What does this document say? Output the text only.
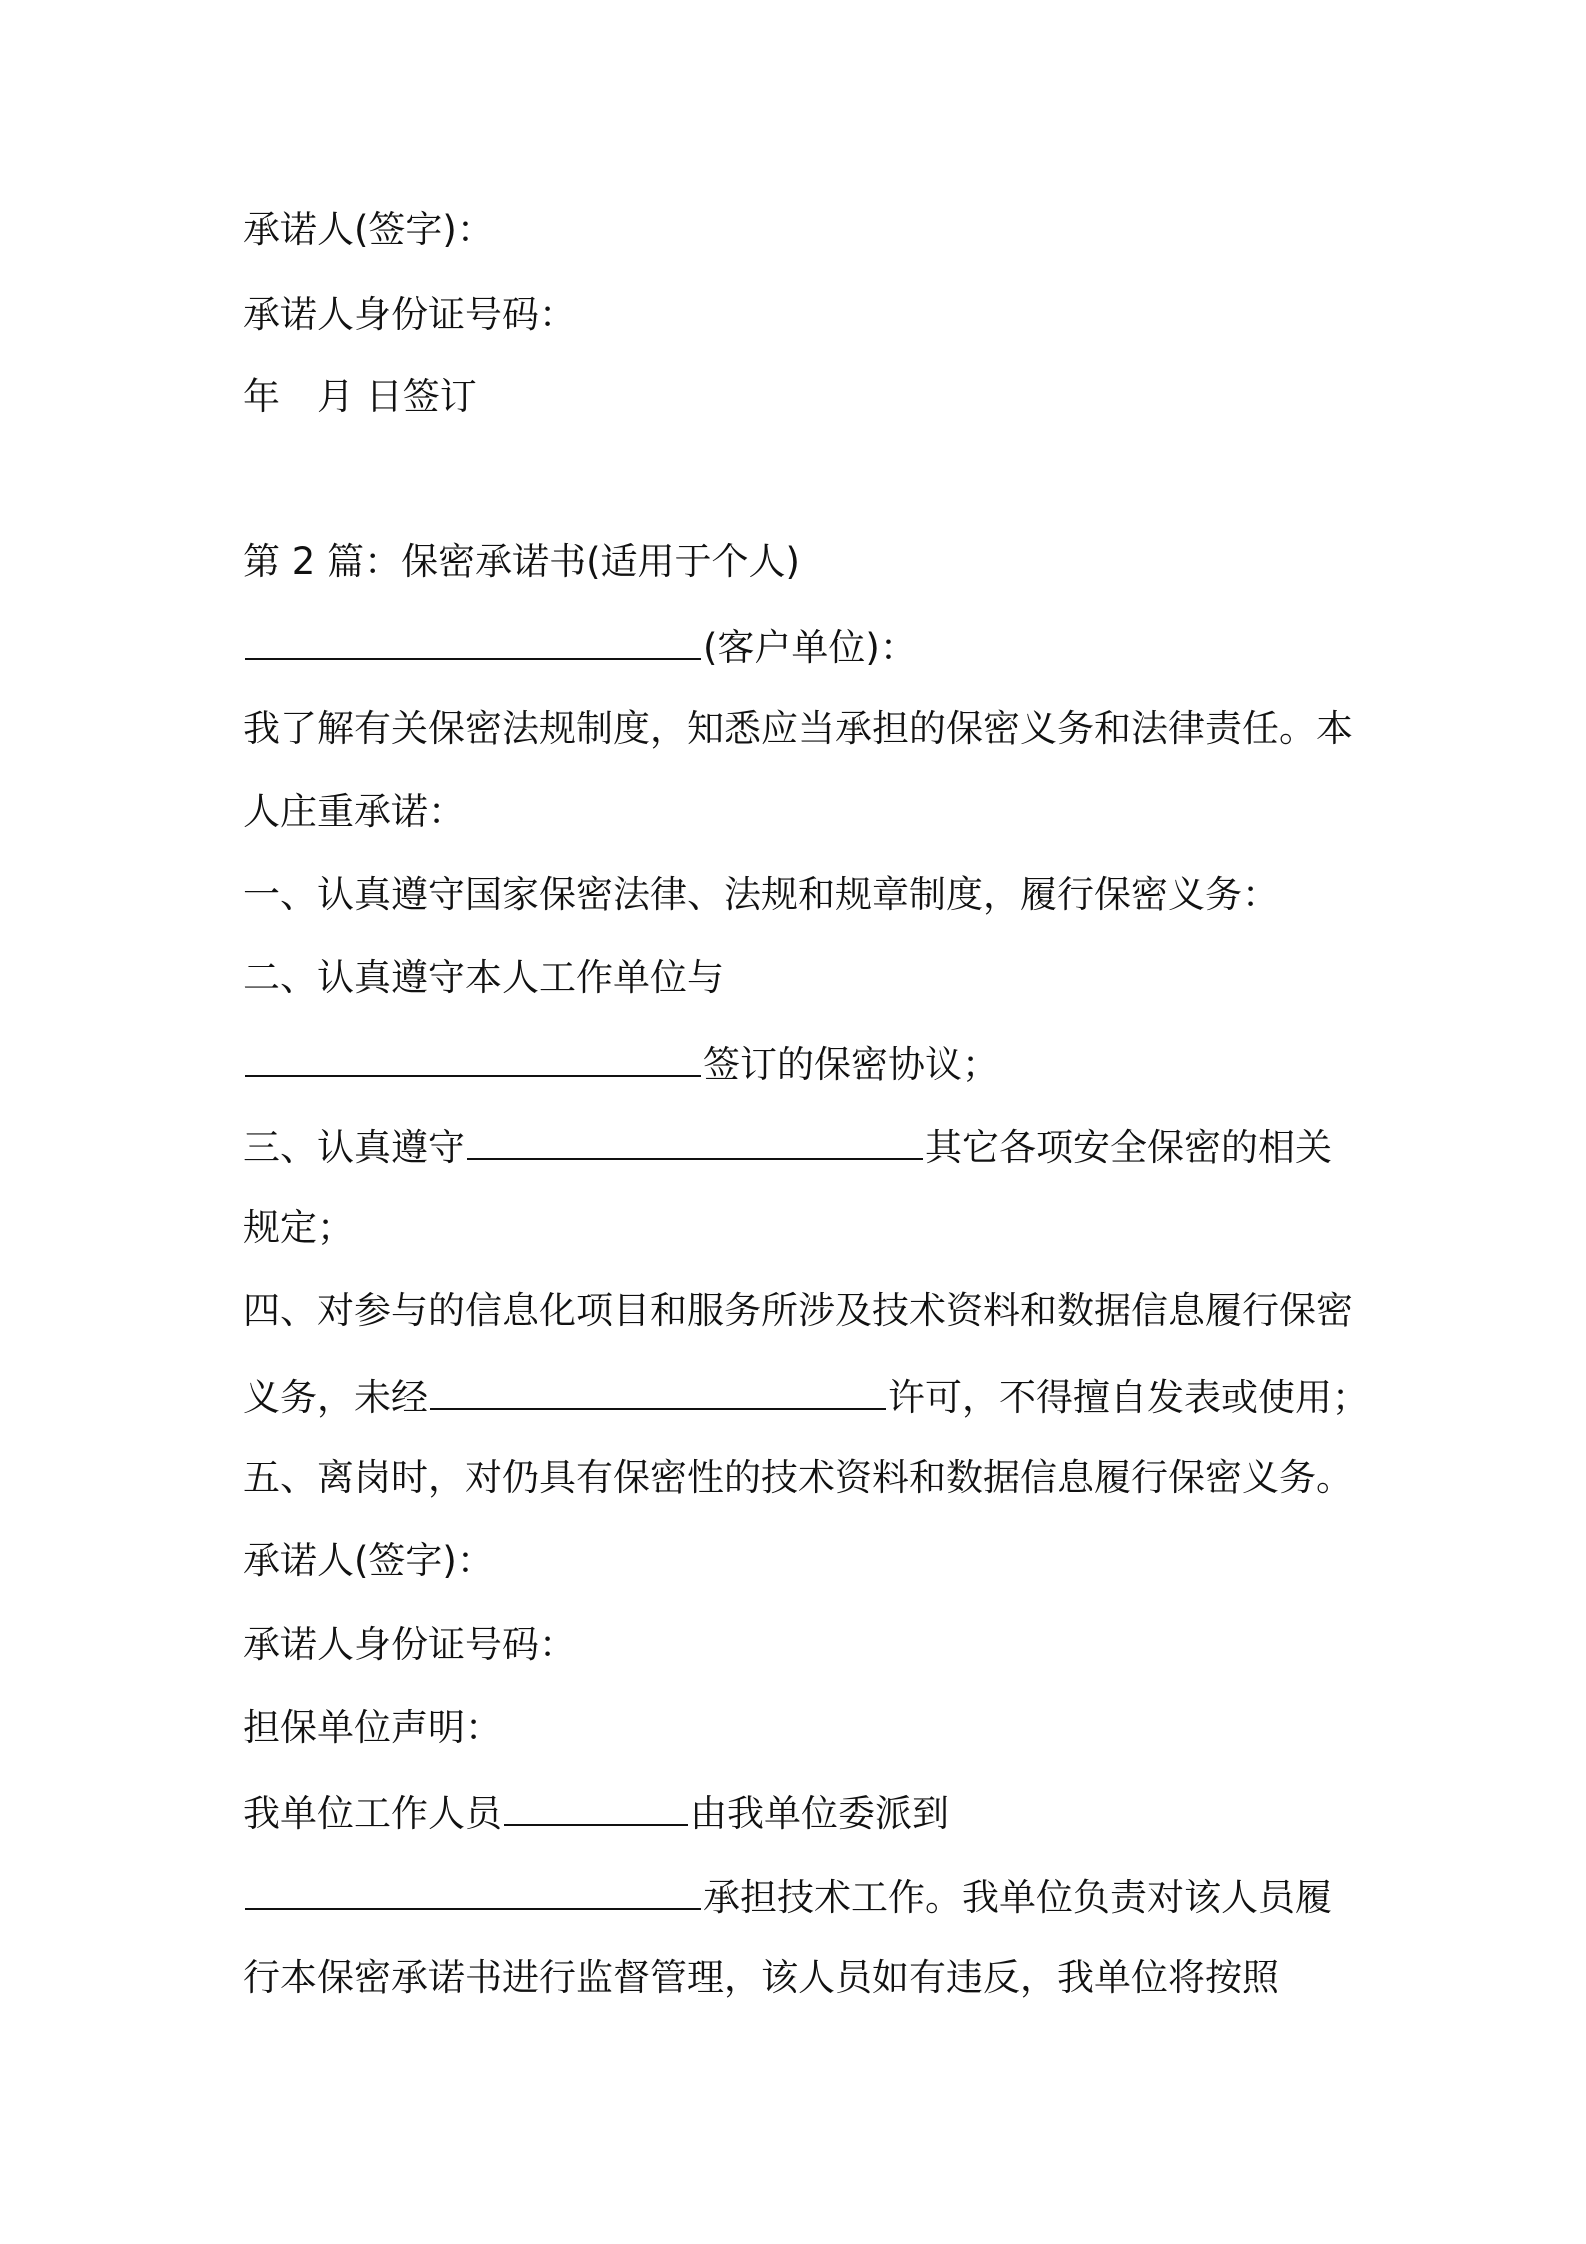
承诺人(签字)：
承诺人身份证号码：
年　月 日签订
第 2 篇：保密承诺书(适用于个人)
(客户单位)：
我了解有关保密法规制度，知悉应当承担的保密义务和法律责任。本
人庄重承诺：
一、认真遵守国家保密法律、法规和规章制度，履行保密义务：
二、认真遵守本人工作单位与
签订的保密协议；
三、认真遵守	其它各项安全保密的相关
规定；
四、对参与的信息化项目和服务所涉及技术资料和数据信息履行保密
义务，未经	许可，不得擅自发表或使用；
五、离岗时，对仍具有保密性的技术资料和数据信息履行保密义务。
承诺人(签字)：
承诺人身份证号码：
担保单位声明：
我单位工作人员	由我单位委派到
承担技术工作。我单位负责对该人员履
行本保密承诺书进行监督管理，该人员如有违反，我单位将按照
